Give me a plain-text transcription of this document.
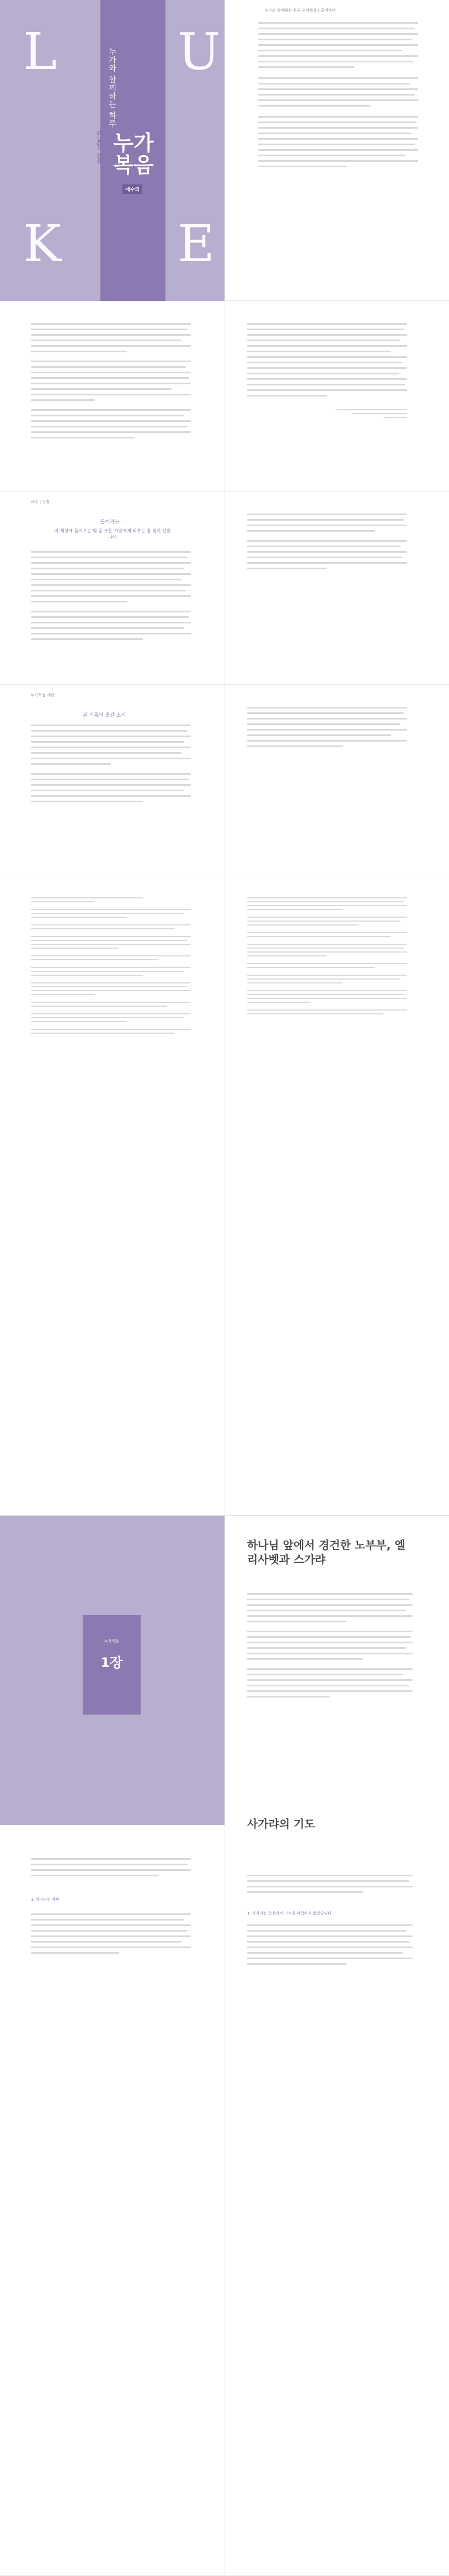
L U
K E
누가와 함께하는 하루
편 김민수 편집 누가
복음
예수의
누가와 함께하는 하루 누가복음 | 들어가며
하루 | 성경
들어가는
이 세상에 들어오는 빛 곧 모든 사람에게 비추는 참 빛이 있었나니
누가복음 개관
본 기록의 출간 소식
누가복음
1장
1. 하나님의 예비
하나님 앞에서 경건한 노부부, 엘리사벳과 스가랴
사가랴의 기도
1. 사가랴는 현장에서 기적을 체험하지 않았습니다
